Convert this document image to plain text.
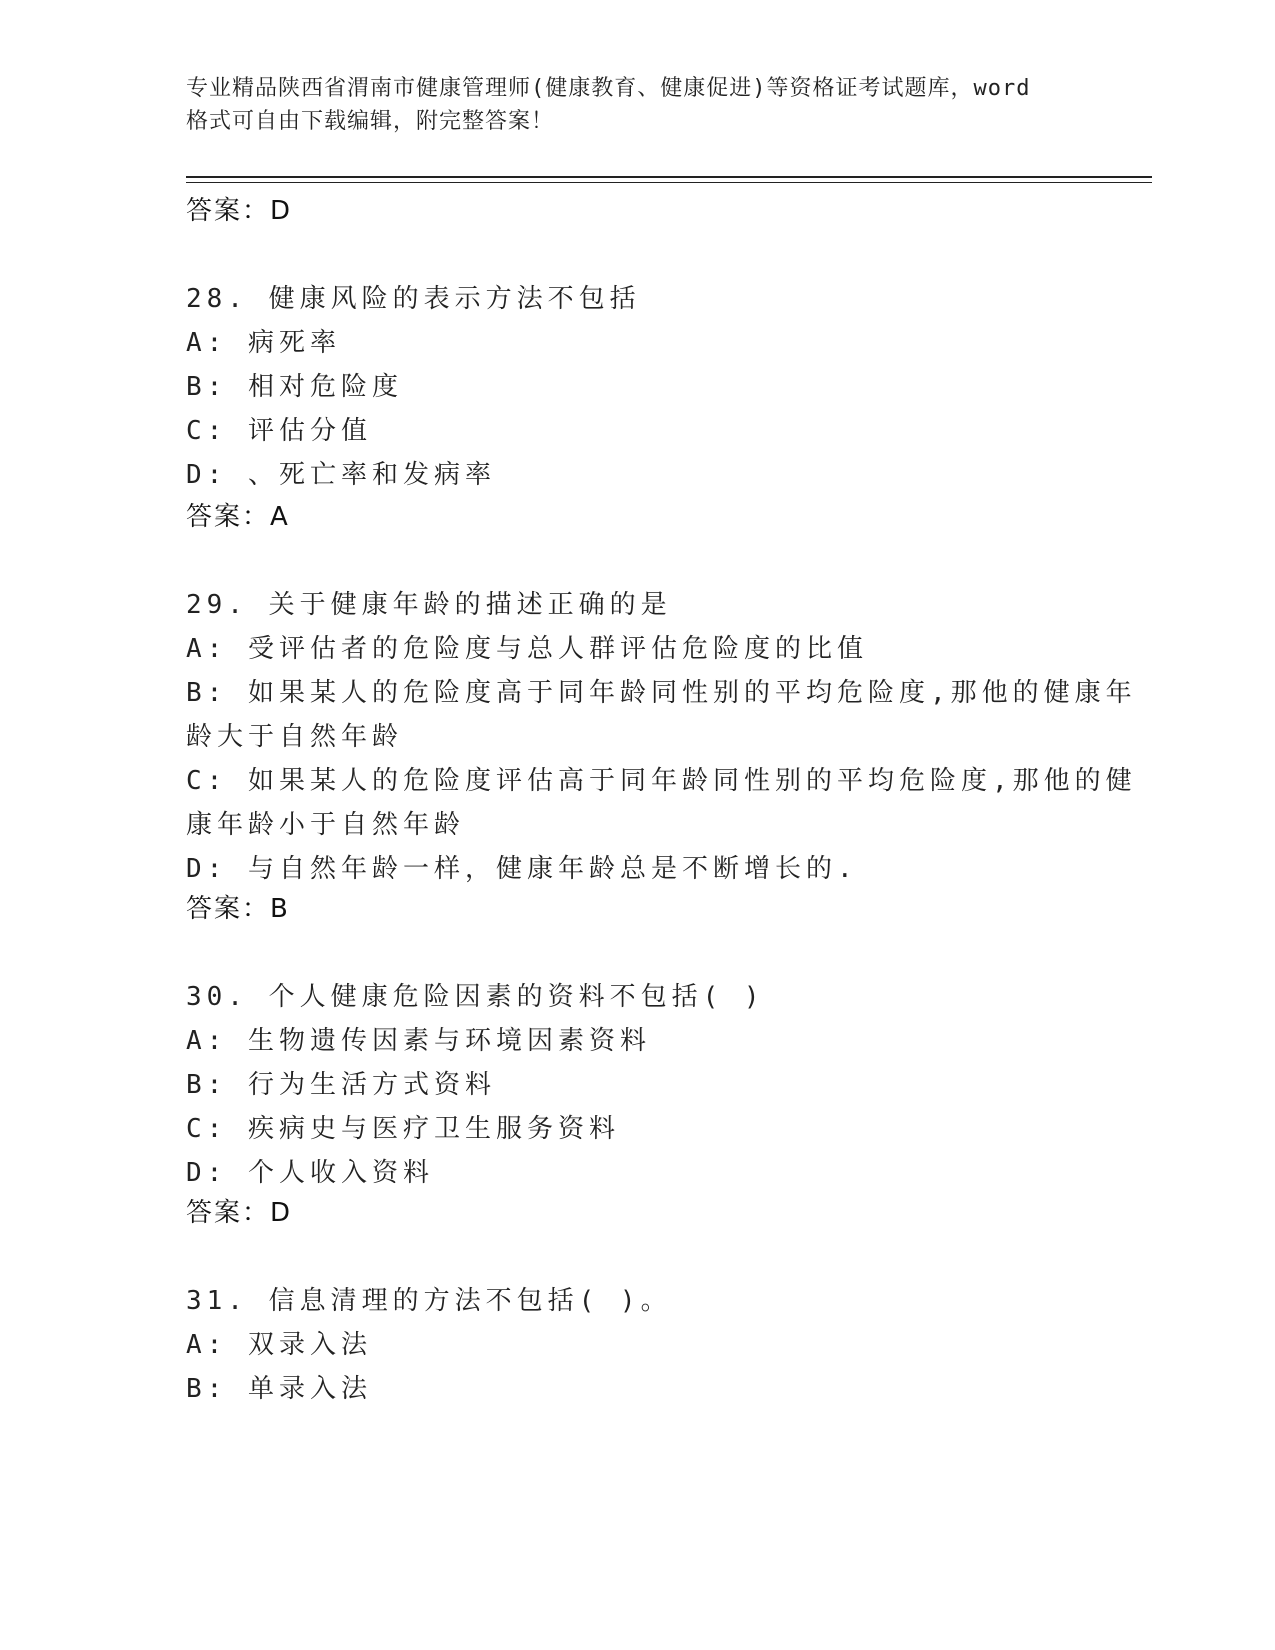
专业精品陕西省渭南市健康管理师(健康教育、健康促进)等资格证考试题库，word
格式可自由下载编辑，附完整答案！
答案：D
28. 健康风险的表示方法不包括
A: 病死率
B: 相对危险度
C: 评估分值
D: 、死亡率和发病率
答案：A
29. 关于健康年龄的描述正确的是
A: 受评估者的危险度与总人群评估危险度的比值
B: 如果某人的危险度高于同年龄同性别的平均危险度,那他的健康年
龄大于自然年龄
C: 如果某人的危险度评估高于同年龄同性别的平均危险度,那他的健
康年龄小于自然年龄
D: 与自然年龄一样，健康年龄总是不断增长的.
答案：B
30. 个人健康危险因素的资料不包括( )
A: 生物遗传因素与环境因素资料
B: 行为生活方式资料
C: 疾病史与医疗卫生服务资料
D: 个人收入资料
答案：D
31. 信息清理的方法不包括( )。
A: 双录入法
B: 单录入法
